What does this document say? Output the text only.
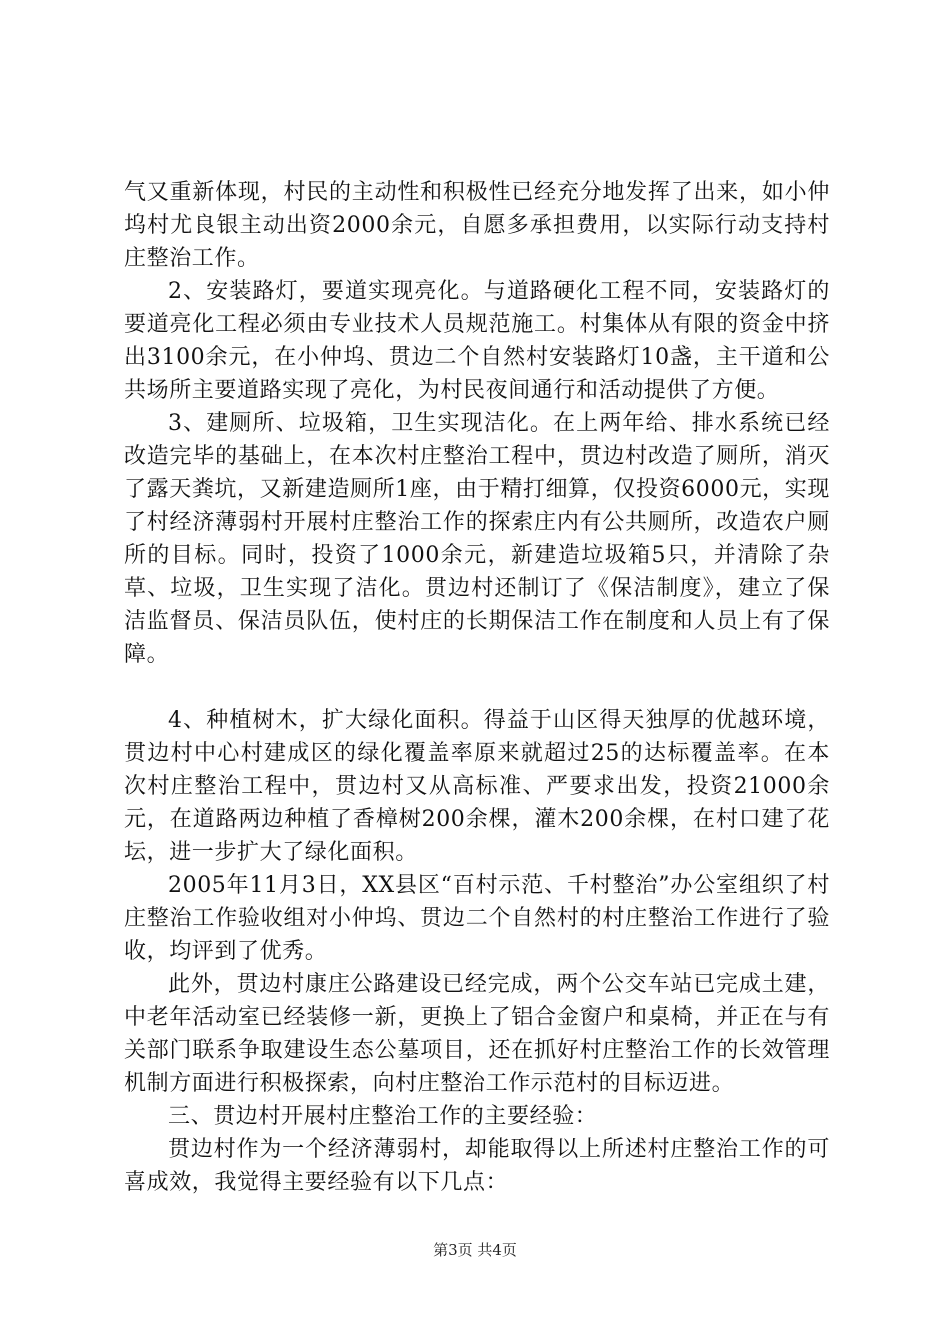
气又重新体现，村民的主动性和积极性已经充分地发挥了出来，如小仲坞村尤良银主动出资2000余元，自愿多承担费用，以实际行动支持村庄整治工作。

2、安装路灯，要道实现亮化。与道路硬化工程不同，安装路灯的要道亮化工程必须由专业技术人员规范施工。村集体从有限的资金中挤出3100余元，在小仲坞、贯边二个自然村安装路灯10盏，主干道和公共场所主要道路实现了亮化，为村民夜间通行和活动提供了方便。

3、建厕所、垃圾箱，卫生实现洁化。在上两年给、排水系统已经改造完毕的基础上，在本次村庄整治工程中，贯边村改造了厕所，消灭了露天粪坑，又新建造厕所1座，由于精打细算，仅投资6000元，实现了村经济薄弱村开展村庄整治工作的探索庄内有公共厕所，改造农户厕所的目标。同时，投资了1000余元，新建造垃圾箱5只，并清除了杂草、垃圾，卫生实现了洁化。贯边村还制订了《保洁制度》，建立了保洁监督员、保洁员队伍，使村庄的长期保洁工作在制度和人员上有了保障。

4、种植树木，扩大绿化面积。得益于山区得天独厚的优越环境，贯边村中心村建成区的绿化覆盖率原来就超过25的达标覆盖率。在本次村庄整治工程中，贯边村又从高标准、严要求出发，投资21000余元，在道路两边种植了香樟树200余棵，灌木200余棵，在村口建了花坛，进一步扩大了绿化面积。

2005年11月3日，XX县区“百村示范、千村整治”办公室组织了村庄整治工作验收组对小仲坞、贯边二个自然村的村庄整治工作进行了验收，均评到了优秀。

此外，贯边村康庄公路建设已经完成，两个公交车站已完成土建，中老年活动室已经装修一新，更换上了铝合金窗户和桌椅，并正在与有关部门联系争取建设生态公墓项目，还在抓好村庄整治工作的长效管理机制方面进行积极探索，向村庄整治工作示范村的目标迈进。

三、贯边村开展村庄整治工作的主要经验：

贯边村作为一个经济薄弱村，却能取得以上所述村庄整治工作的可喜成效，我觉得主要经验有以下几点：

第3页 共4页
